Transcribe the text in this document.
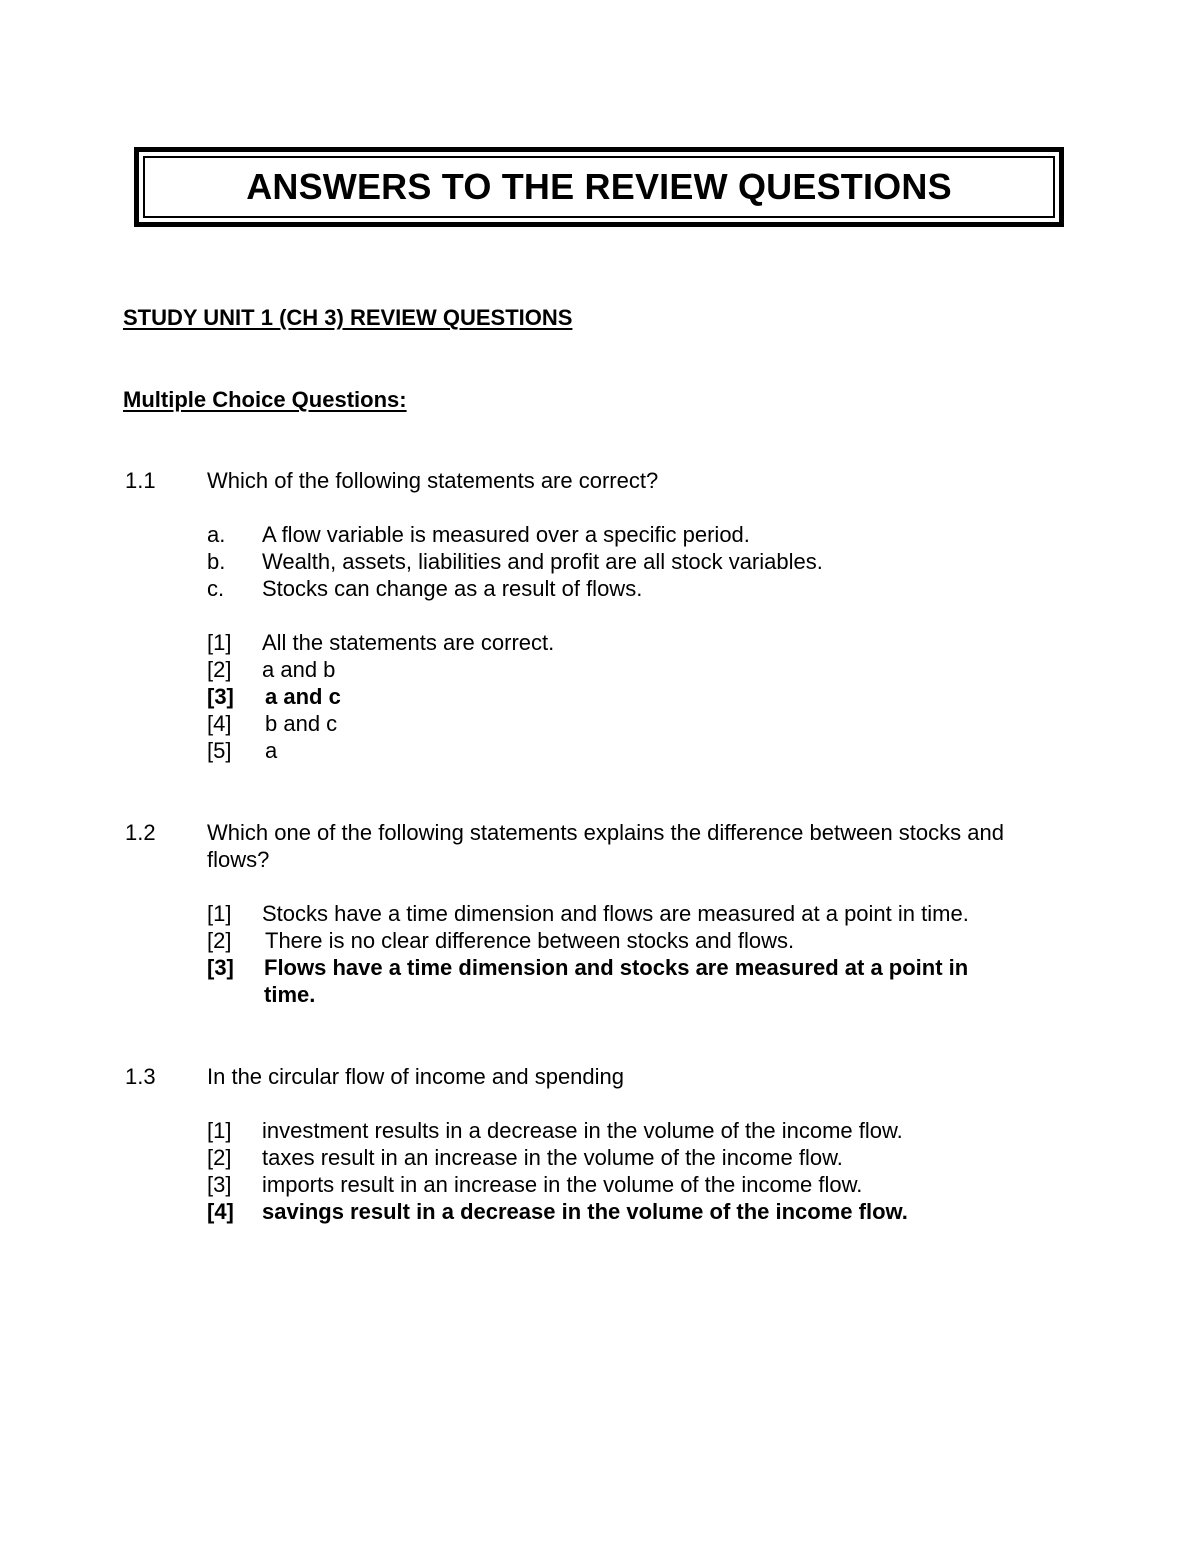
ANSWERS TO THE REVIEW QUESTIONS
STUDY UNIT 1 (CH 3) REVIEW QUESTIONS
Multiple Choice Questions:
1.1 Which of the following statements are correct?
a. A flow variable is measured over a specific period.
b. Wealth, assets, liabilities and profit are all stock variables.
c. Stocks can change as a result of flows.
[1] All the statements are correct.
[2] a and b
[3] a and c
[4] b and c
[5] a
1.2 Which one of the following statements explains the difference between stocks and
flows?
[1] Stocks have a time dimension and flows are measured at a point in time.
[2] There is no clear difference between stocks and flows.
[3] Flows have a time dimension and stocks are measured at a point in
time.
1.3 In the circular flow of income and spending
[1] investment results in a decrease in the volume of the income flow.
[2] taxes result in an increase in the volume of the income flow.
[3] imports result in an increase in the volume of the income flow.
[4] savings result in a decrease in the volume of the income flow.
